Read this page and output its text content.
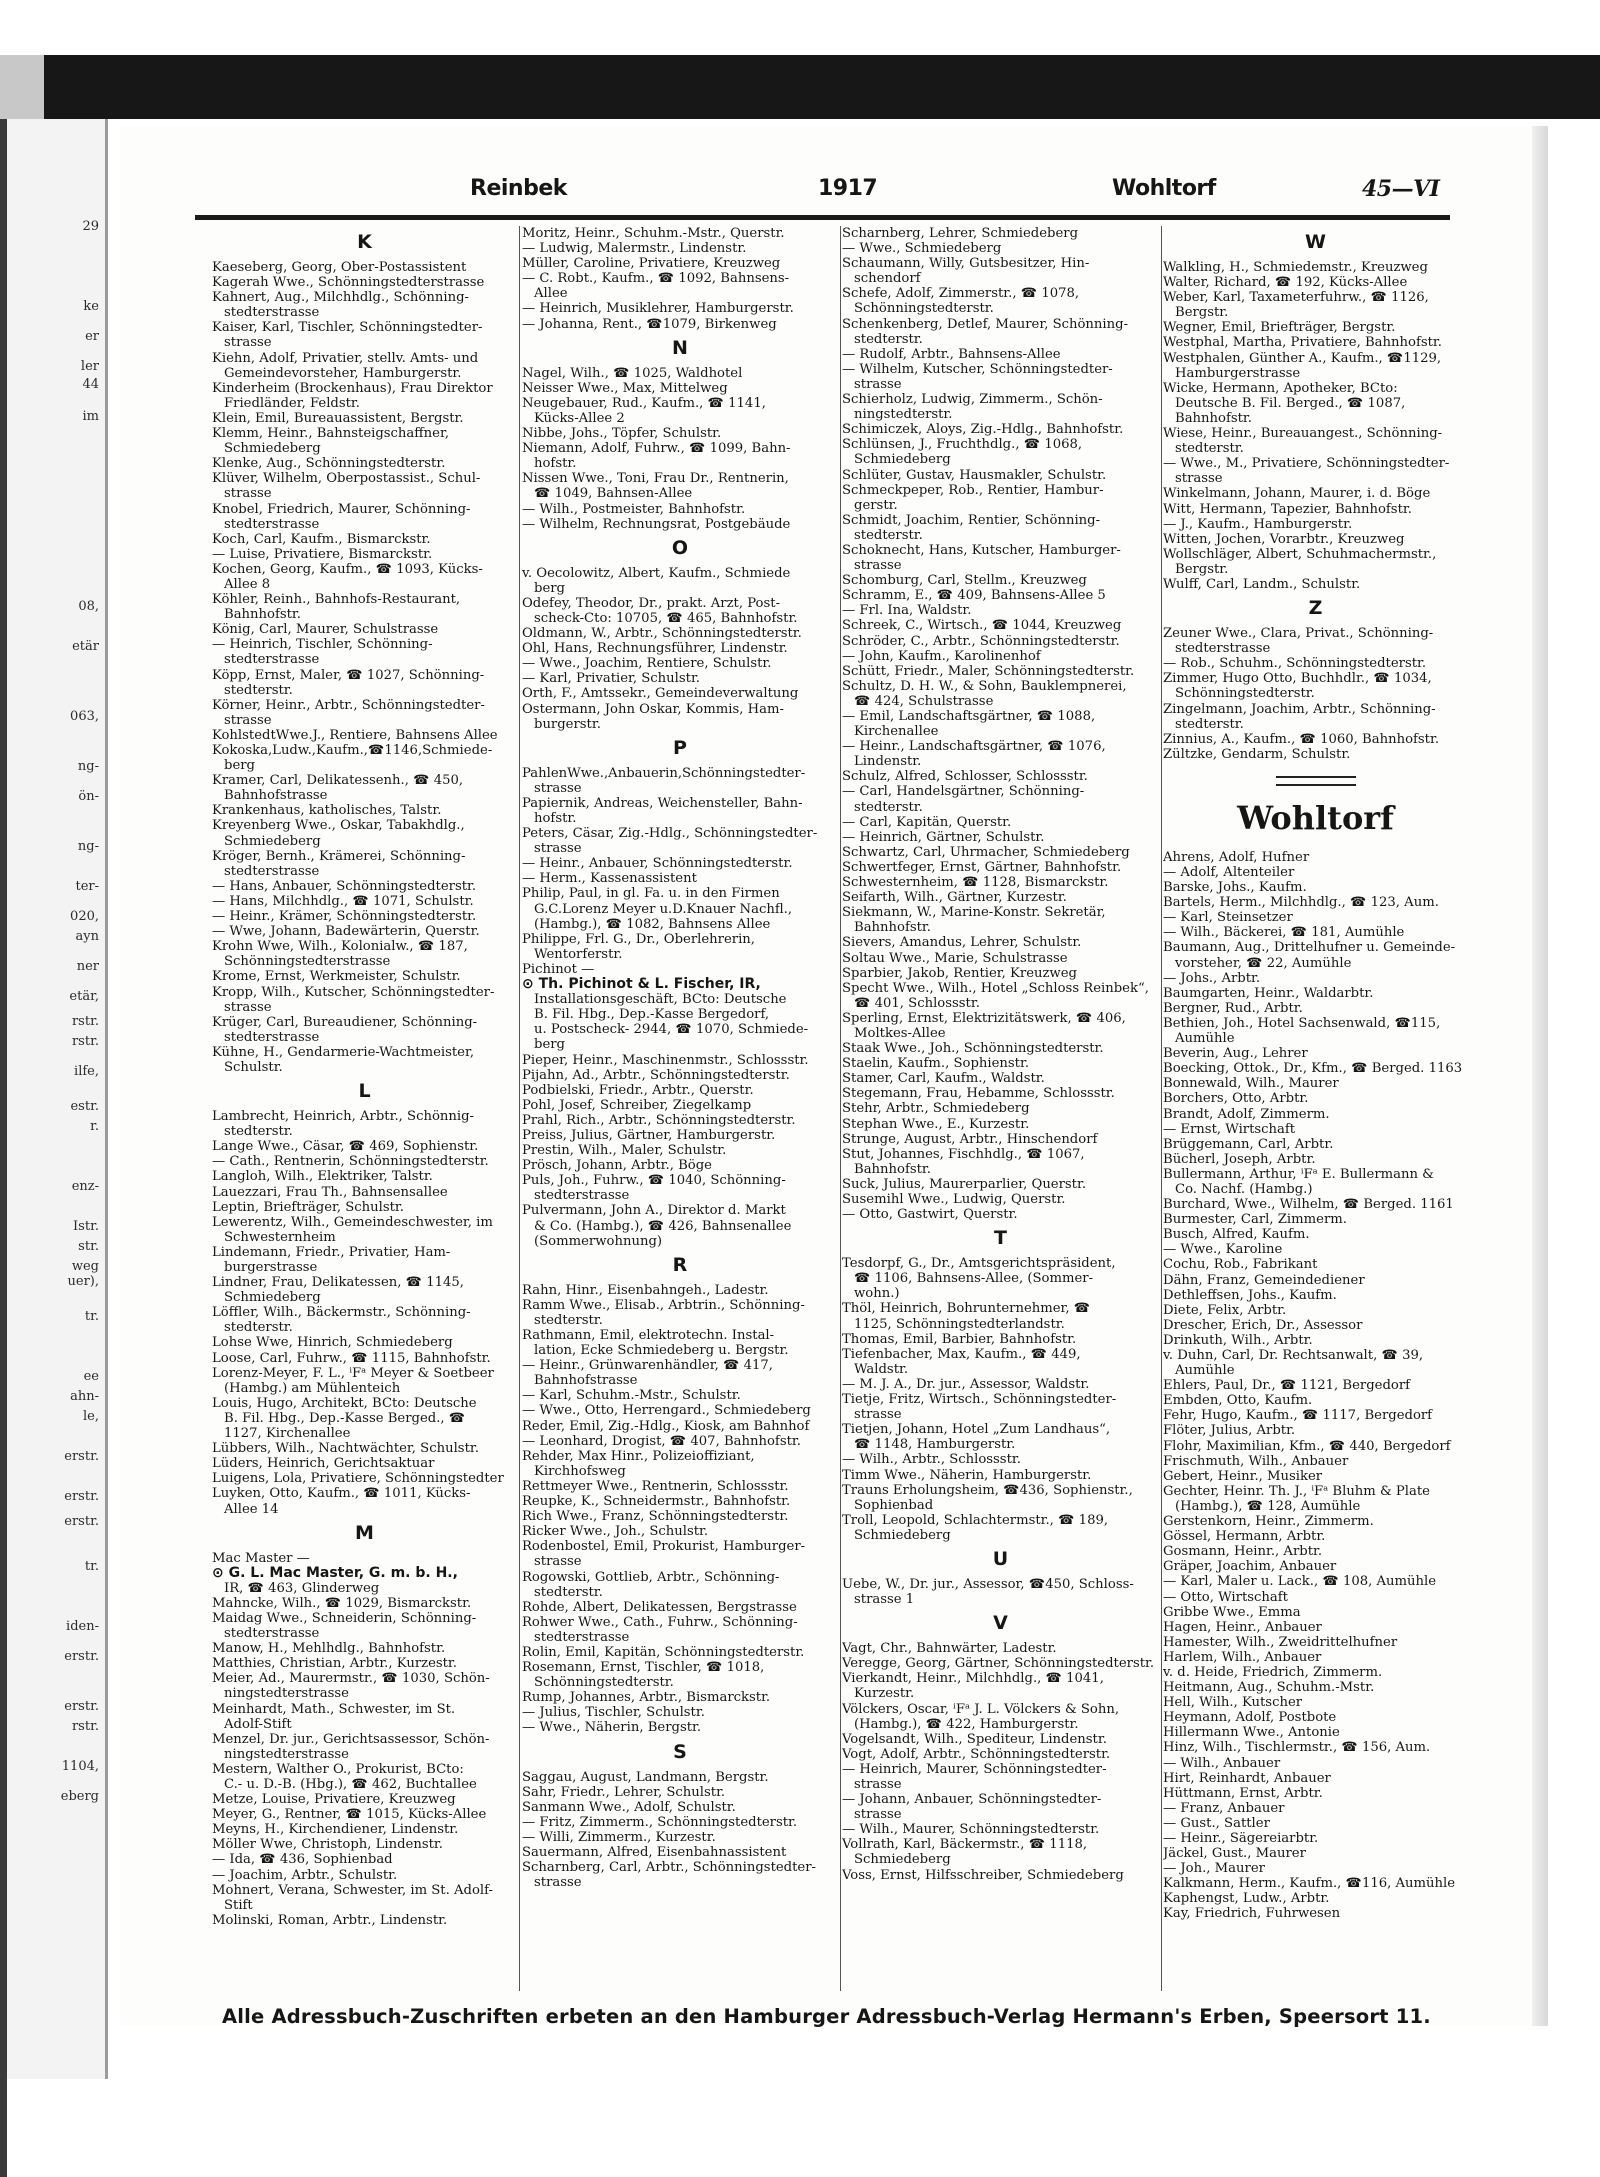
29
ke
er
ler
44
im
08,
etär
063,
ng-
ön-
ng-
ter-
020,
ayn
ner
etär,
rstr.
rstr.
ilfe,
estr.
r.
enz-
Istr.
str.
weg
uer),
tr.
ee
ahn-
le,
erstr.
erstr.
erstr.
tr.
iden-
erstr.
erstr.
rstr.
1104,
eberg
Reinbek	1917	Wohltorf	45—VI
K
Kaeseberg, Georg, Ober-Postassistent
Kagerah Wwe., Schönningstedterstrasse
Kahnert, Aug., Milchhdlg., Schönning-
stedterstrasse
Kaiser, Karl, Tischler, Schönningstedter-
strasse
Kiehn, Adolf, Privatier, stellv. Amts- und
Gemeindevorsteher, Hamburgerstr.
Kinderheim (Brockenhaus), Frau Direktor
Friedländer, Feldstr.
Klein, Emil, Bureauassistent, Bergstr.
Klemm, Heinr., Bahnsteigschaffner,
Schmiedeberg
Klenke, Aug., Schönningstedterstr.
Klüver, Wilhelm, Oberpostassist., Schul-
strasse
Knobel, Friedrich, Maurer, Schönning-
stedterstrasse
Koch, Carl, Kaufm., Bismarckstr.
— Luise, Privatiere, Bismarckstr.
Kochen, Georg, Kaufm., ☎ 1093, Kücks-
Allee 8
Köhler, Reinh., Bahnhofs-Restaurant,
Bahnhofstr.
König, Carl, Maurer, Schulstrasse
— Heinrich, Tischler, Schönning-
stedterstrasse
Köpp, Ernst, Maler, ☎ 1027, Schönning-
stedterstr.
Körner, Heinr., Arbtr., Schönningstedter-
strasse
KohlstedtWwe.J., Rentiere, Bahnsens Allee
Kokoska,Ludw.,Kaufm.,☎1146,Schmiede-
berg
Kramer, Carl, Delikatessenh., ☎ 450,
Bahnhofstrasse
Krankenhaus, katholisches, Talstr.
Kreyenberg Wwe., Oskar, Tabakhdlg.,
Schmiedeberg
Kröger, Bernh., Krämerei, Schönning-
stedterstrasse
— Hans, Anbauer, Schönningstedterstr.
— Hans, Milchhdlg., ☎ 1071, Schulstr.
— Heinr., Krämer, Schönningstedterstr.
— Wwe, Johann, Badewärterin, Querstr.
Krohn Wwe, Wilh., Kolonialw., ☎ 187,
Schönningstedterstrasse
Krome, Ernst, Werkmeister, Schulstr.
Kropp, Wilh., Kutscher, Schönningstedter-
strasse
Krüger, Carl, Bureaudiener, Schönning-
stedterstrasse
Kühne, H., Gendarmerie-Wachtmeister,
Schulstr.
L
Lambrecht, Heinrich, Arbtr., Schönnig-
stedterstr.
Lange Wwe., Cäsar, ☎ 469, Sophienstr.
— Cath., Rentnerin, Schönningstedterstr.
Langloh, Wilh., Elektriker, Talstr.
Lauezzari, Frau Th., Bahnsensallee
Leptin, Briefträger, Schulstr.
Lewerentz, Wilh., Gemeindeschwester, im
Schwesternheim
Lindemann, Friedr., Privatier, Ham-
burgerstrasse
Lindner, Frau, Delikatessen, ☎ 1145,
Schmiedeberg
Löffler, Wilh., Bäckermstr., Schönning-
stedterstr.
Lohse Wwe, Hinrich, Schmiedeberg
Loose, Carl, Fuhrw., ☎ 1115, Bahnhofstr.
Lorenz-Meyer, F. L., ⁱFᵃ Meyer & Soetbeer
(Hambg.) am Mühlenteich
Louis, Hugo, Architekt, BCto: Deutsche
B. Fil. Hbg., Dep.-Kasse Berged., ☎
1127, Kirchenallee
Lübbers, Wilh., Nachtwächter, Schulstr.
Lüders, Heinrich, Gerichtsaktuar
Luigens, Lola, Privatiere, Schönningstedter
Luyken, Otto, Kaufm., ☎ 1011, Kücks-
Allee 14
M
Mac Master —
⊙ G. L. Mac Master, G. m. b. H.,
IR, ☎ 463, Glinderweg
Mahncke, Wilh., ☎ 1029, Bismarckstr.
Maidag Wwe., Schneiderin, Schönning-
stedterstrasse
Manow, H., Mehlhdlg., Bahnhofstr.
Matthies, Christian, Arbtr., Kurzestr.
Meier, Ad., Maurermstr., ☎ 1030, Schön-
ningstedterstrasse
Meinhardt, Math., Schwester, im St.
Adolf-Stift
Menzel, Dr. jur., Gerichtsassessor, Schön-
ningstedterstrasse
Mestern, Walther O., Prokurist, BCto:
C.- u. D.-B. (Hbg.), ☎ 462, Buchtallee
Metze, Louise, Privatiere, Kreuzweg
Meyer, G., Rentner, ☎ 1015, Kücks-Allee
Meyns, H., Kirchendiener, Lindenstr.
Möller Wwe, Christoph, Lindenstr.
— Ida, ☎ 436, Sophienbad
— Joachim, Arbtr., Schulstr.
Mohnert, Verana, Schwester, im St. Adolf-
Stift
Molinski, Roman, Arbtr., Lindenstr.
Moritz, Heinr., Schuhm.-Mstr., Querstr.
— Ludwig, Malermstr., Lindenstr.
Müller, Caroline, Privatiere, Kreuzweg
— C. Robt., Kaufm., ☎ 1092, Bahnsens-
Allee
— Heinrich, Musiklehrer, Hamburgerstr.
— Johanna, Rent., ☎1079, Birkenweg
N
Nagel, Wilh., ☎ 1025, Waldhotel
Neisser Wwe., Max, Mittelweg
Neugebauer, Rud., Kaufm., ☎ 1141,
Kücks-Allee 2
Nibbe, Johs., Töpfer, Schulstr.
Niemann, Adolf, Fuhrw., ☎ 1099, Bahn-
hofstr.
Nissen Wwe., Toni, Frau Dr., Rentnerin,
☎ 1049, Bahnsen-Allee
— Wilh., Postmeister, Bahnhofstr.
— Wilhelm, Rechnungsrat, Postgebäude
O
v. Oecolowitz, Albert, Kaufm., Schmiede
berg
Odefey, Theodor, Dr., prakt. Arzt, Post-
scheck-Cto: 10705, ☎ 465, Bahnhofstr.
Oldmann, W., Arbtr., Schönningstedterstr.
Ohl, Hans, Rechnungsführer, Lindenstr.
— Wwe., Joachim, Rentiere, Schulstr.
— Karl, Privatier, Schulstr.
Orth, F., Amtssekr., Gemeindeverwaltung
Ostermann, John Oskar, Kommis, Ham-
burgerstr.
P
PahlenWwe.,Anbauerin,Schönningstedter-
strasse
Papiernik, Andreas, Weichensteller, Bahn-
hofstr.
Peters, Cäsar, Zig.-Hdlg., Schönningstedter-
strasse
— Heinr., Anbauer, Schönningstedterstr.
— Herm., Kassenassistent
Philip, Paul, in gl. Fa. u. in den Firmen
G.C.Lorenz Meyer u.D.Knauer Nachfl.,
(Hambg.), ☎ 1082, Bahnsens Allee
Philippe, Frl. G., Dr., Oberlehrerin,
Wentorferstr.
Pichinot —
⊙ Th. Pichinot & L. Fischer, IR,
Installationsgeschäft, BCto: Deutsche
B. Fil. Hbg., Dep.-Kasse Bergedorf,
u. Postscheck- 2944, ☎ 1070, Schmiede-
berg
Pieper, Heinr., Maschinenmstr., Schlossstr.
Pijahn, Ad., Arbtr., Schönningstedterstr.
Podbielski, Friedr., Arbtr., Querstr.
Pohl, Josef, Schreiber, Ziegelkamp
Prahl, Rich., Arbtr., Schönningstedterstr.
Preiss, Julius, Gärtner, Hamburgerstr.
Prestin, Wilh., Maler, Schulstr.
Prösch, Johann, Arbtr., Böge
Puls, Joh., Fuhrw., ☎ 1040, Schönning-
stedterstrasse
Pulvermann, John A., Direktor d. Markt
& Co. (Hambg.), ☎ 426, Bahnsenallee
(Sommerwohnung)
R
Rahn, Hinr., Eisenbahngeh., Ladestr.
Ramm Wwe., Elisab., Arbtrin., Schönning-
stedterstr.
Rathmann, Emil, elektrotechn. Instal-
lation, Ecke Schmiedeberg u. Bergstr.
— Heinr., Grünwarenhändler, ☎ 417,
Bahnhofstrasse
— Karl, Schuhm.-Mstr., Schulstr.
— Wwe., Otto, Herrengard., Schmiedeberg
Reder, Emil, Zig.-Hdlg., Kiosk, am Bahnhof
— Leonhard, Drogist, ☎ 407, Bahnhofstr.
Rehder, Max Hinr., Polizeioffiziant,
Kirchhofsweg
Rettmeyer Wwe., Rentnerin, Schlossstr.
Reupke, K., Schneidermstr., Bahnhofstr.
Rich Wwe., Franz, Schönningstedterstr.
Ricker Wwe., Joh., Schulstr.
Rodenbostel, Emil, Prokurist, Hamburger-
strasse
Rogowski, Gottlieb, Arbtr., Schönning-
stedterstr.
Rohde, Albert, Delikatessen, Bergstrasse
Rohwer Wwe., Cath., Fuhrw., Schönning-
stedterstrasse
Rolin, Emil, Kapitän, Schönningstedterstr.
Rosemann, Ernst, Tischler, ☎ 1018,
Schönningstedterstr.
Rump, Johannes, Arbtr., Bismarckstr.
— Julius, Tischler, Schulstr.
— Wwe., Näherin, Bergstr.
S
Saggau, August, Landmann, Bergstr.
Sahr, Friedr., Lehrer, Schulstr.
Sanmann Wwe., Adolf, Schulstr.
— Fritz, Zimmerm., Schönningstedterstr.
— Willi, Zimmerm., Kurzestr.
Sauermann, Alfred, Eisenbahnassistent
Scharnberg, Carl, Arbtr., Schönningstedter-
strasse
Scharnberg, Lehrer, Schmiedeberg
— Wwe., Schmiedeberg
Schaumann, Willy, Gutsbesitzer, Hin-
schendorf
Schefe, Adolf, Zimmerstr., ☎ 1078,
Schönningstedterstr.
Schenkenberg, Detlef, Maurer, Schönning-
stedterstr.
— Rudolf, Arbtr., Bahnsens-Allee
— Wilhelm, Kutscher, Schönningstedter-
strasse
Schierholz, Ludwig, Zimmerm., Schön-
ningstedterstr.
Schimiczek, Aloys, Zig.-Hdlg., Bahnhofstr.
Schlünsen, J., Fruchthdlg., ☎ 1068,
Schmiedeberg
Schlüter, Gustav, Hausmakler, Schulstr.
Schmeckpeper, Rob., Rentier, Hambur-
gerstr.
Schmidt, Joachim, Rentier, Schönning-
stedterstr.
Schoknecht, Hans, Kutscher, Hamburger-
strasse
Schomburg, Carl, Stellm., Kreuzweg
Schramm, E., ☎ 409, Bahnsens-Allee 5
— Frl. Ina, Waldstr.
Schreek, C., Wirtsch., ☎ 1044, Kreuzweg
Schröder, C., Arbtr., Schönningstedterstr.
— John, Kaufm., Karolinenhof
Schütt, Friedr., Maler, Schönningstedterstr.
Schultz, D. H. W., & Sohn, Bauklempnerei,
☎ 424, Schulstrasse
— Emil, Landschaftsgärtner, ☎ 1088,
Kirchenallee
— Heinr., Landschaftsgärtner, ☎ 1076,
Lindenstr.
Schulz, Alfred, Schlosser, Schlossstr.
— Carl, Handelsgärtner, Schönning-
stedterstr.
— Carl, Kapitän, Querstr.
— Heinrich, Gärtner, Schulstr.
Schwartz, Carl, Uhrmacher, Schmiedeberg
Schwertfeger, Ernst, Gärtner, Bahnhofstr.
Schwesternheim, ☎ 1128, Bismarckstr.
Seifarth, Wilh., Gärtner, Kurzestr.
Siekmann, W., Marine-Konstr. Sekretär,
Bahnhofstr.
Sievers, Amandus, Lehrer, Schulstr.
Soltau Wwe., Marie, Schulstrasse
Sparbier, Jakob, Rentier, Kreuzweg
Specht Wwe., Wilh., Hotel „Schloss Reinbek“,
☎ 401, Schlossstr.
Sperling, Ernst, Elektrizitätswerk, ☎ 406,
Moltkes-Allee
Staak Wwe., Joh., Schönningstedterstr.
Staelin, Kaufm., Sophienstr.
Stamer, Carl, Kaufm., Waldstr.
Stegemann, Frau, Hebamme, Schlossstr.
Stehr, Arbtr., Schmiedeberg
Stephan Wwe., E., Kurzestr.
Strunge, August, Arbtr., Hinschendorf
Stut, Johannes, Fischhdlg., ☎ 1067,
Bahnhofstr.
Suck, Julius, Maurerparlier, Querstr.
Susemihl Wwe., Ludwig, Querstr.
— Otto, Gastwirt, Querstr.
T
Tesdorpf, G., Dr., Amtsgerichtspräsident,
☎ 1106, Bahnsens-Allee, (Sommer-
wohn.)
Thöl, Heinrich, Bohrunternehmer, ☎
1125, Schönningstedterlandstr.
Thomas, Emil, Barbier, Bahnhofstr.
Tiefenbacher, Max, Kaufm., ☎ 449,
Waldstr.
— M. J. A., Dr. jur., Assessor, Waldstr.
Tietje, Fritz, Wirtsch., Schönningstedter-
strasse
Tietjen, Johann, Hotel „Zum Landhaus“,
☎ 1148, Hamburgerstr.
— Wilh., Arbtr., Schlossstr.
Timm Wwe., Näherin, Hamburgerstr.
Trauns Erholungsheim, ☎436, Sophienstr.,
Sophienbad
Troll, Leopold, Schlachtermstr., ☎ 189,
Schmiedeberg
U
Uebe, W., Dr. jur., Assessor, ☎450, Schloss-
strasse 1
V
Vagt, Chr., Bahnwärter, Ladestr.
Veregge, Georg, Gärtner, Schönningstedterstr.
Vierkandt, Heinr., Milchhdlg., ☎ 1041,
Kurzestr.
Völckers, Oscar, ⁱFᵃ J. L. Völckers & Sohn,
(Hambg.), ☎ 422, Hamburgerstr.
Vogelsandt, Wilh., Spediteur, Lindenstr.
Vogt, Adolf, Arbtr., Schönningstedterstr.
— Heinrich, Maurer, Schönningstedter-
strasse
— Johann, Anbauer, Schönningstedter-
strasse
— Wilh., Maurer, Schönningstedterstr.
Vollrath, Karl, Bäckermstr., ☎ 1118,
Schmiedeberg
Voss, Ernst, Hilfsschreiber, Schmiedeberg
W
Walkling, H., Schmiedemstr., Kreuzweg
Walter, Richard, ☎ 192, Kücks-Allee
Weber, Karl, Taxameterfuhrw., ☎ 1126,
Bergstr.
Wegner, Emil, Briefträger, Bergstr.
Westphal, Martha, Privatiere, Bahnhofstr.
Westphalen, Günther A., Kaufm., ☎1129,
Hamburgerstrasse
Wicke, Hermann, Apotheker, BCto:
Deutsche B. Fil. Berged., ☎ 1087,
Bahnhofstr.
Wiese, Heinr., Bureauangest., Schönning-
stedterstr.
— Wwe., M., Privatiere, Schönningstedter-
strasse
Winkelmann, Johann, Maurer, i. d. Böge
Witt, Hermann, Tapezier, Bahnhofstr.
— J., Kaufm., Hamburgerstr.
Witten, Jochen, Vorarbtr., Kreuzweg
Wollschläger, Albert, Schuhmachermstr.,
Bergstr.
Wulff, Carl, Landm., Schulstr.
Z
Zeuner Wwe., Clara, Privat., Schönning-
stedterstrasse
— Rob., Schuhm., Schönningstedterstr.
Zimmer, Hugo Otto, Buchhdlr., ☎ 1034,
Schönningstedterstr.
Zingelmann, Joachim, Arbtr., Schönning-
stedterstr.
Zinnius, A., Kaufm., ☎ 1060, Bahnhofstr.
Zültzke, Gendarm, Schulstr.
Wohltorf
Ahrens, Adolf, Hufner
— Adolf, Altenteiler
Barske, Johs., Kaufm.
Bartels, Herm., Milchhdlg., ☎ 123, Aum.
— Karl, Steinsetzer
— Wilh., Bäckerei, ☎ 181, Aumühle
Baumann, Aug., Drittelhufner u. Gemeinde-
vorsteher, ☎ 22, Aumühle
— Johs., Arbtr.
Baumgarten, Heinr., Waldarbtr.
Bergner, Rud., Arbtr.
Bethien, Joh., Hotel Sachsenwald, ☎115,
Aumühle
Beverin, Aug., Lehrer
Boecking, Ottok., Dr., Kfm., ☎ Berged. 1163
Bonnewald, Wilh., Maurer
Borchers, Otto, Arbtr.
Brandt, Adolf, Zimmerm.
— Ernst, Wirtschaft
Brüggemann, Carl, Arbtr.
Bücherl, Joseph, Arbtr.
Bullermann, Arthur, ⁱFᵃ E. Bullermann &
Co. Nachf. (Hambg.)
Burchard, Wwe., Wilhelm, ☎ Berged. 1161
Burmester, Carl, Zimmerm.
Busch, Alfred, Kaufm.
— Wwe., Karoline
Cochu, Rob., Fabrikant
Dähn, Franz, Gemeindediener
Dethleffsen, Johs., Kaufm.
Diete, Felix, Arbtr.
Drescher, Erich, Dr., Assessor
Drinkuth, Wilh., Arbtr.
v. Duhn, Carl, Dr. Rechtsanwalt, ☎ 39,
Aumühle
Ehlers, Paul, Dr., ☎ 1121, Bergedorf
Embden, Otto, Kaufm.
Fehr, Hugo, Kaufm., ☎ 1117, Bergedorf
Flöter, Julius, Arbtr.
Flohr, Maximilian, Kfm., ☎ 440, Bergedorf
Frischmuth, Wilh., Anbauer
Gebert, Heinr., Musiker
Gechter, Heinr. Th. J., ⁱFᵃ Bluhm & Plate
(Hambg.), ☎ 128, Aumühle
Gerstenkorn, Heinr., Zimmerm.
Gössel, Hermann, Arbtr.
Gosmann, Heinr., Arbtr.
Gräper, Joachim, Anbauer
— Karl, Maler u. Lack., ☎ 108, Aumühle
— Otto, Wirtschaft
Gribbe Wwe., Emma
Hagen, Heinr., Anbauer
Hamester, Wilh., Zweidrittelhufner
Harlem, Wilh., Anbauer
v. d. Heide, Friedrich, Zimmerm.
Heitmann, Aug., Schuhm.-Mstr.
Hell, Wilh., Kutscher
Heymann, Adolf, Postbote
Hillermann Wwe., Antonie
Hinz, Wilh., Tischlermstr., ☎ 156, Aum.
— Wilh., Anbauer
Hirt, Reinhardt, Anbauer
Hüttmann, Ernst, Arbtr.
— Franz, Anbauer
— Gust., Sattler
— Heinr., Sägereiarbtr.
Jäckel, Gust., Maurer
— Joh., Maurer
Kalkmann, Herm., Kaufm., ☎116, Aumühle
Kaphengst, Ludw., Arbtr.
Kay, Friedrich, Fuhrwesen
Alle Adressbuch-Zuschriften erbeten an den Hamburger Adressbuch-Verlag Hermann's Erben, Speersort 11.
